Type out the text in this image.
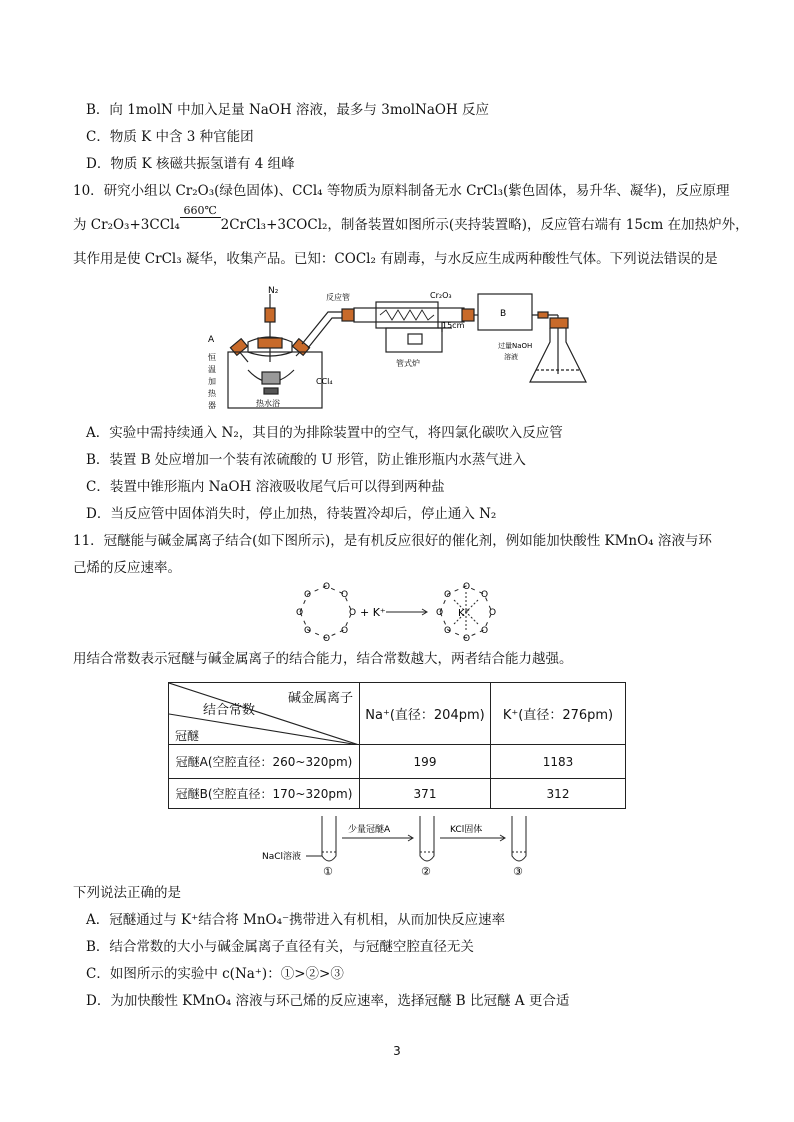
B．向 1molN 中加入足量 NaOH 溶液，最多与 3molNaOH 反应
C．物质 K 中含 3 种官能团
D．物质 K 核磁共振氢谱有 4 组峰
10．研究小组以 Cr₂O₃(绿色固体)、CCl₄ 等物质为原料制备无水 CrCl₃(紫色固体，易升华、凝华)，反应原理
为 Cr₂O₃+3CCl₄
660℃
2CrCl₃+3COCl₂，制备装置如图所示(夹持装置略)，反应管右端有 15cm 在加热炉外，
其作用是使 CrCl₃ 凝华，收集产品。已知：COCl₂ 有剧毒，与水反应生成两种酸性气体。下列说法错误的是
N₂
A
恒
温
加
热
器	热水浴
CCl₄
反应管	Cr₂O₃
15cm
管式炉
B
过量NaOH
溶液
A．实验中需持续通入 N₂，其目的为排除装置中的空气，将四氯化碳吹入反应管
B．装置 B 处应增加一个装有浓硫酸的 U 形管，防止锥形瓶内水蒸气进入
C．装置中锥形瓶内 NaOH 溶液吸收尾气后可以得到两种盐
D．当反应管中固体消失时，停止加热，待装置冷却后，停止通入 N₂
11．冠醚能与碱金属离子结合(如下图所示)，是有机反应很好的催化剂，例如能加快酸性 KMnO₄ 溶液与环
己烯的反应速率。
O
O
O
O
O
O
O
O
+ K⁺	O
O
O
O
O
O
O
O
K⁺
用结合常数表示冠醚与碱金属离子的结合能力，结合常数越大，两者结合能力越强。
碱金属离子
结合常数
冠醚	Na⁺(直径：204pm)	K⁺(直径：276pm)
冠醚A(空腔直径：260~320pm)	199	1183
冠醚B(空腔直径：170~320pm)	371	312
NaCl溶液
少量冠醚A	KCl固体
①	②	③
下列说法正确的是
A．冠醚通过与 K⁺结合将 MnO₄⁻携带进入有机相，从而加快反应速率
B．结合常数的大小与碱金属离子直径有关，与冠醚空腔直径无关
C．如图所示的实验中 c(Na⁺)：①>②>③
D．为加快酸性 KMnO₄ 溶液与环己烯的反应速率，选择冠醚 B 比冠醚 A 更合适
3
